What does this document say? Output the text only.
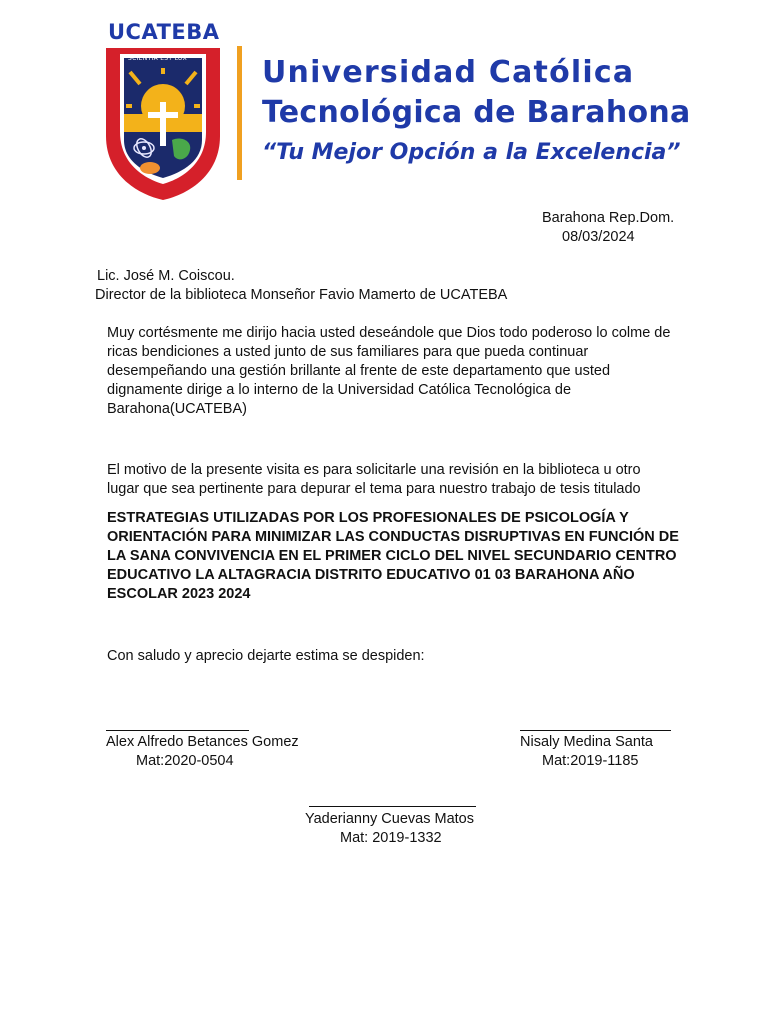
UCATEBA
SCIENTIA EST LUX Universidad Católica
Tecnológica de Barahona
“Tu Mejor Opción a la Excelencia”
Barahona Rep.Dom.
08/03/2024
Lic. José M. Coiscou.
Director de la biblioteca Monseñor Favio Mamerto de UCATEBA
Muy cortésmente me dirijo hacia usted deseándole que Dios todo poderoso lo colme de ricas bendiciones a usted junto de sus familiares para que pueda continuar desempeñando una gestión brillante al frente de este departamento que usted dignamente dirige a lo interno de la Universidad Católica Tecnológica de Barahona(UCATEBA)
El motivo de la presente visita es para solicitarle una revisión en la biblioteca u otro lugar que sea pertinente para depurar el tema para nuestro trabajo de tesis titulado
ESTRATEGIAS UTILIZADAS POR LOS PROFESIONALES DE PSICOLOGÍA Y ORIENTACIÓN PARA MINIMIZAR LAS CONDUCTAS DISRUPTIVAS EN FUNCIÓN DE LA SANA CONVIVENCIA EN EL PRIMER CICLO DEL NIVEL SECUNDARIO CENTRO EDUCATIVO LA ALTAGRACIA DISTRITO EDUCATIVO 01 03 BARAHONA AÑO ESCOLAR 2023 2024
Con saludo y aprecio dejarte estima se despiden:
Alex Alfredo Betances Gomez
Mat:2020-0504
Nisaly Medina Santa
Mat:2019-1185
Yaderianny Cuevas Matos
Mat: 2019-1332
